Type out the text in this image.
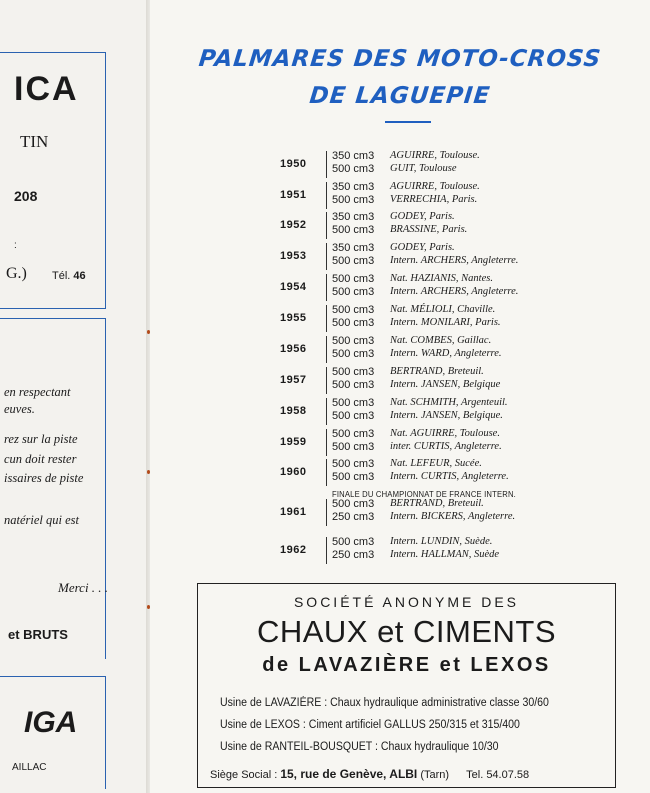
ICA
TIN
208
:
G.) Tél. 46
en respectant
euves.
rez sur la piste
cun doit rester
issaires de piste
natériel qui est
Merci . . .
et BRUTS
IGA
AILLAC
PALMARES DES MOTO-CROSS
DE LAGUEPIE
1950
350 cm3 AGUIRRE, Toulouse.
500 cm3 GUIT, Toulouse
1951
350 cm3 AGUIRRE, Toulouse.
500 cm3 VERRECHIA, Paris.
1952
350 cm3 GODEY, Paris.
500 cm3 BRASSINE, Paris.
1953
350 cm3 GODEY, Paris.
500 cm3 Intern. ARCHERS, Angleterre.
1954
500 cm3 Nat. HAZIANIS, Nantes.
500 cm3 Intern. ARCHERS, Angleterre.
1955
500 cm3 Nat. MÉLIOLI, Chaville.
500 cm3 Intern. MONILARI, Paris.
1956
500 cm3 Nat. COMBES, Gaillac.
500 cm3 Intern. WARD, Angleterre.
1957
500 cm3 BERTRAND, Breteuil.
500 cm3 Intern. JANSEN, Belgique
1958
500 cm3 Nat. SCHMITH, Argenteuil.
500 cm3 Intern. JANSEN, Belgique.
1959
500 cm3 Nat. AGUIRRE, Toulouse.
500 cm3 inter. CURTIS, Angleterre.
1960
500 cm3 Nat. LEFEUR, Sucée.
500 cm3 Intern. CURTIS, Angleterre.
1961
500 cm3 BERTRAND, Breteuil.
250 cm3 Intern. BICKERS, Angleterre.
1962
500 cm3 Intern. LUNDIN, Suède.
250 cm3 Intern. HALLMAN, Suède
FINALE DU CHAMPIONNAT DE FRANCE INTERN.
SOCIÉTÉ ANONYME DES
CHAUX et CIMENTS
de LAVAZIÈRE et LEXOS
Usine de LAVAZIÈRE : Chaux hydraulique administrative classe 30/60
Usine de LEXOS : Ciment artificiel GALLUS 250/315 et 315/400
Usine de RANTEIL-BOUSQUET : Chaux hydraulique 10/30
Siège Social : 15, rue de Genève, ALBI (Tarn) Tel. 54.07.58
